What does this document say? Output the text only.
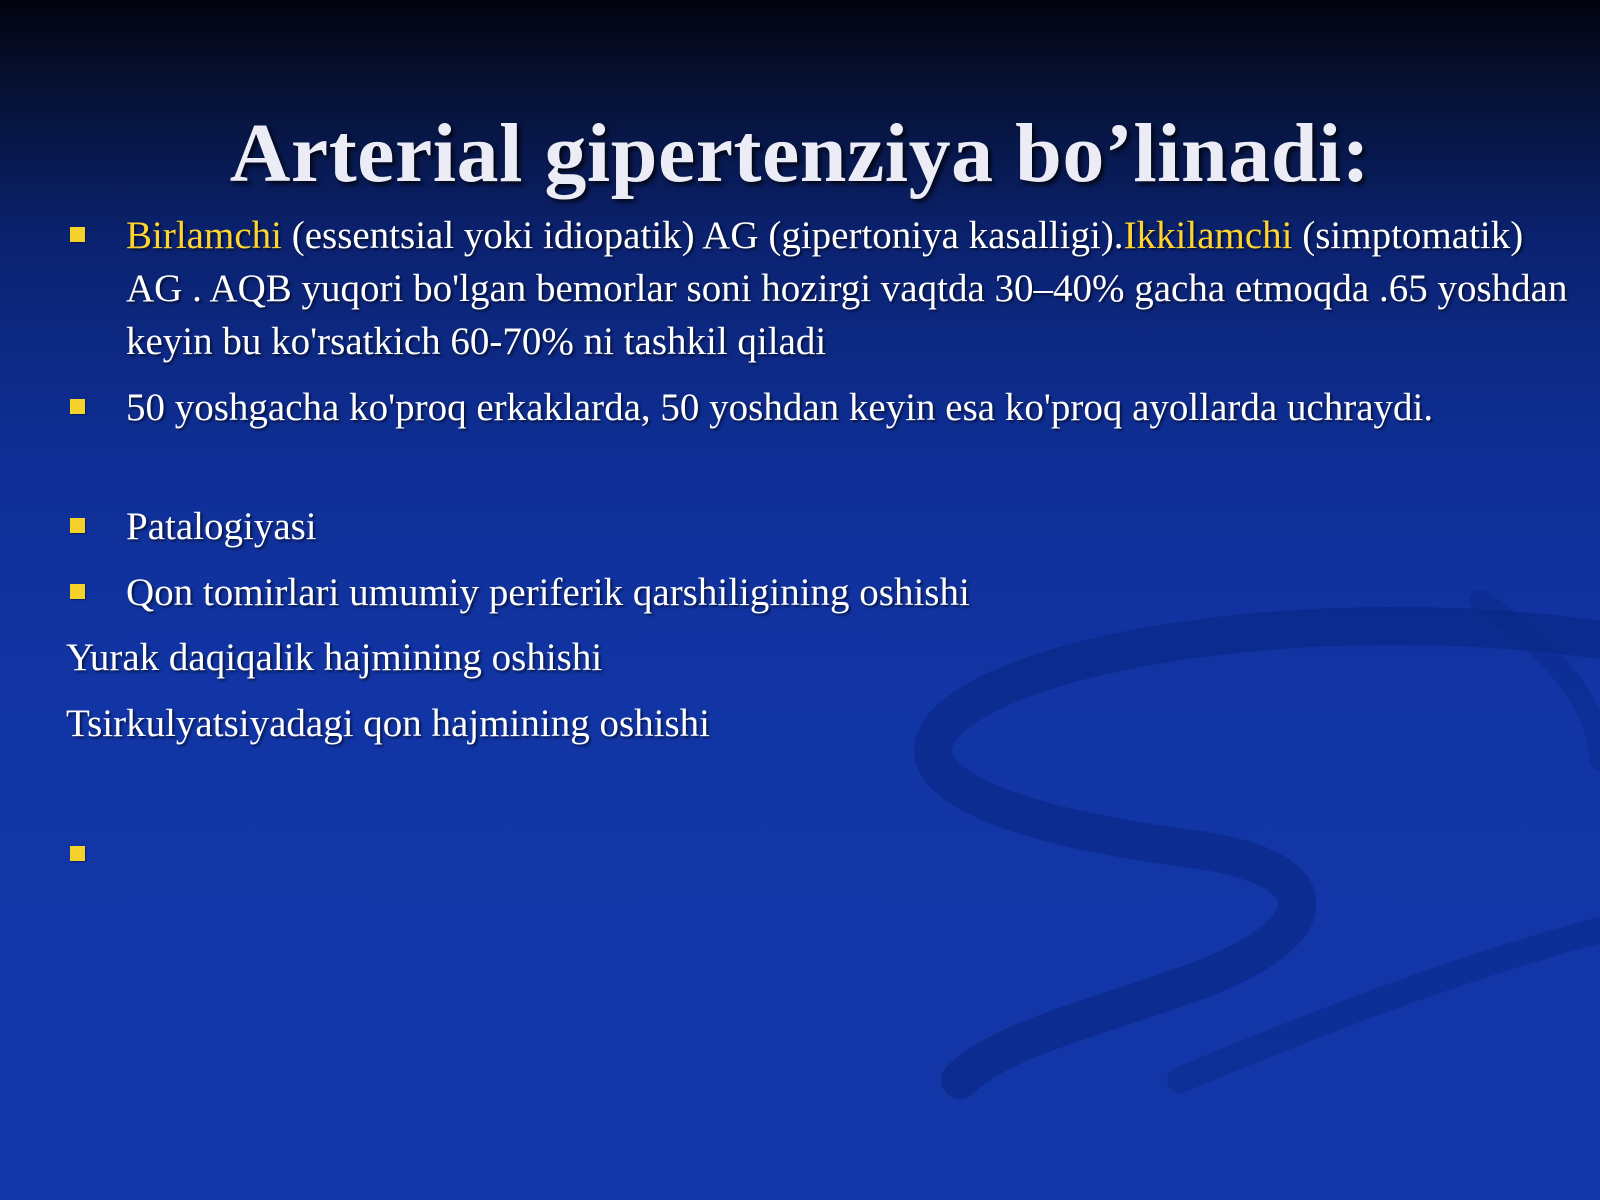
Arterial gipertenziya bo’linadi:
Birlamchi (essentsial yoki idiopatik) AG (gipertoniya kasalligi).Ikkilamchi (simptomatik) AG . AQB yuqori bo'lgan bemorlar soni hozirgi vaqtda 30–40% gacha etmoqda .65 yoshdan keyin bu ko'rsatkich 60-70% ni tashkil qiladi
50 yoshgacha ko'proq erkaklarda, 50 yoshdan keyin esa ko'proq ayollarda uchraydi.
Patalogiyasi
Qon tomirlari umumiy periferik qarshiligining oshishi
Yurak daqiqalik hajmining oshishi
Tsirkulyatsiyadagi qon hajmining oshishi
